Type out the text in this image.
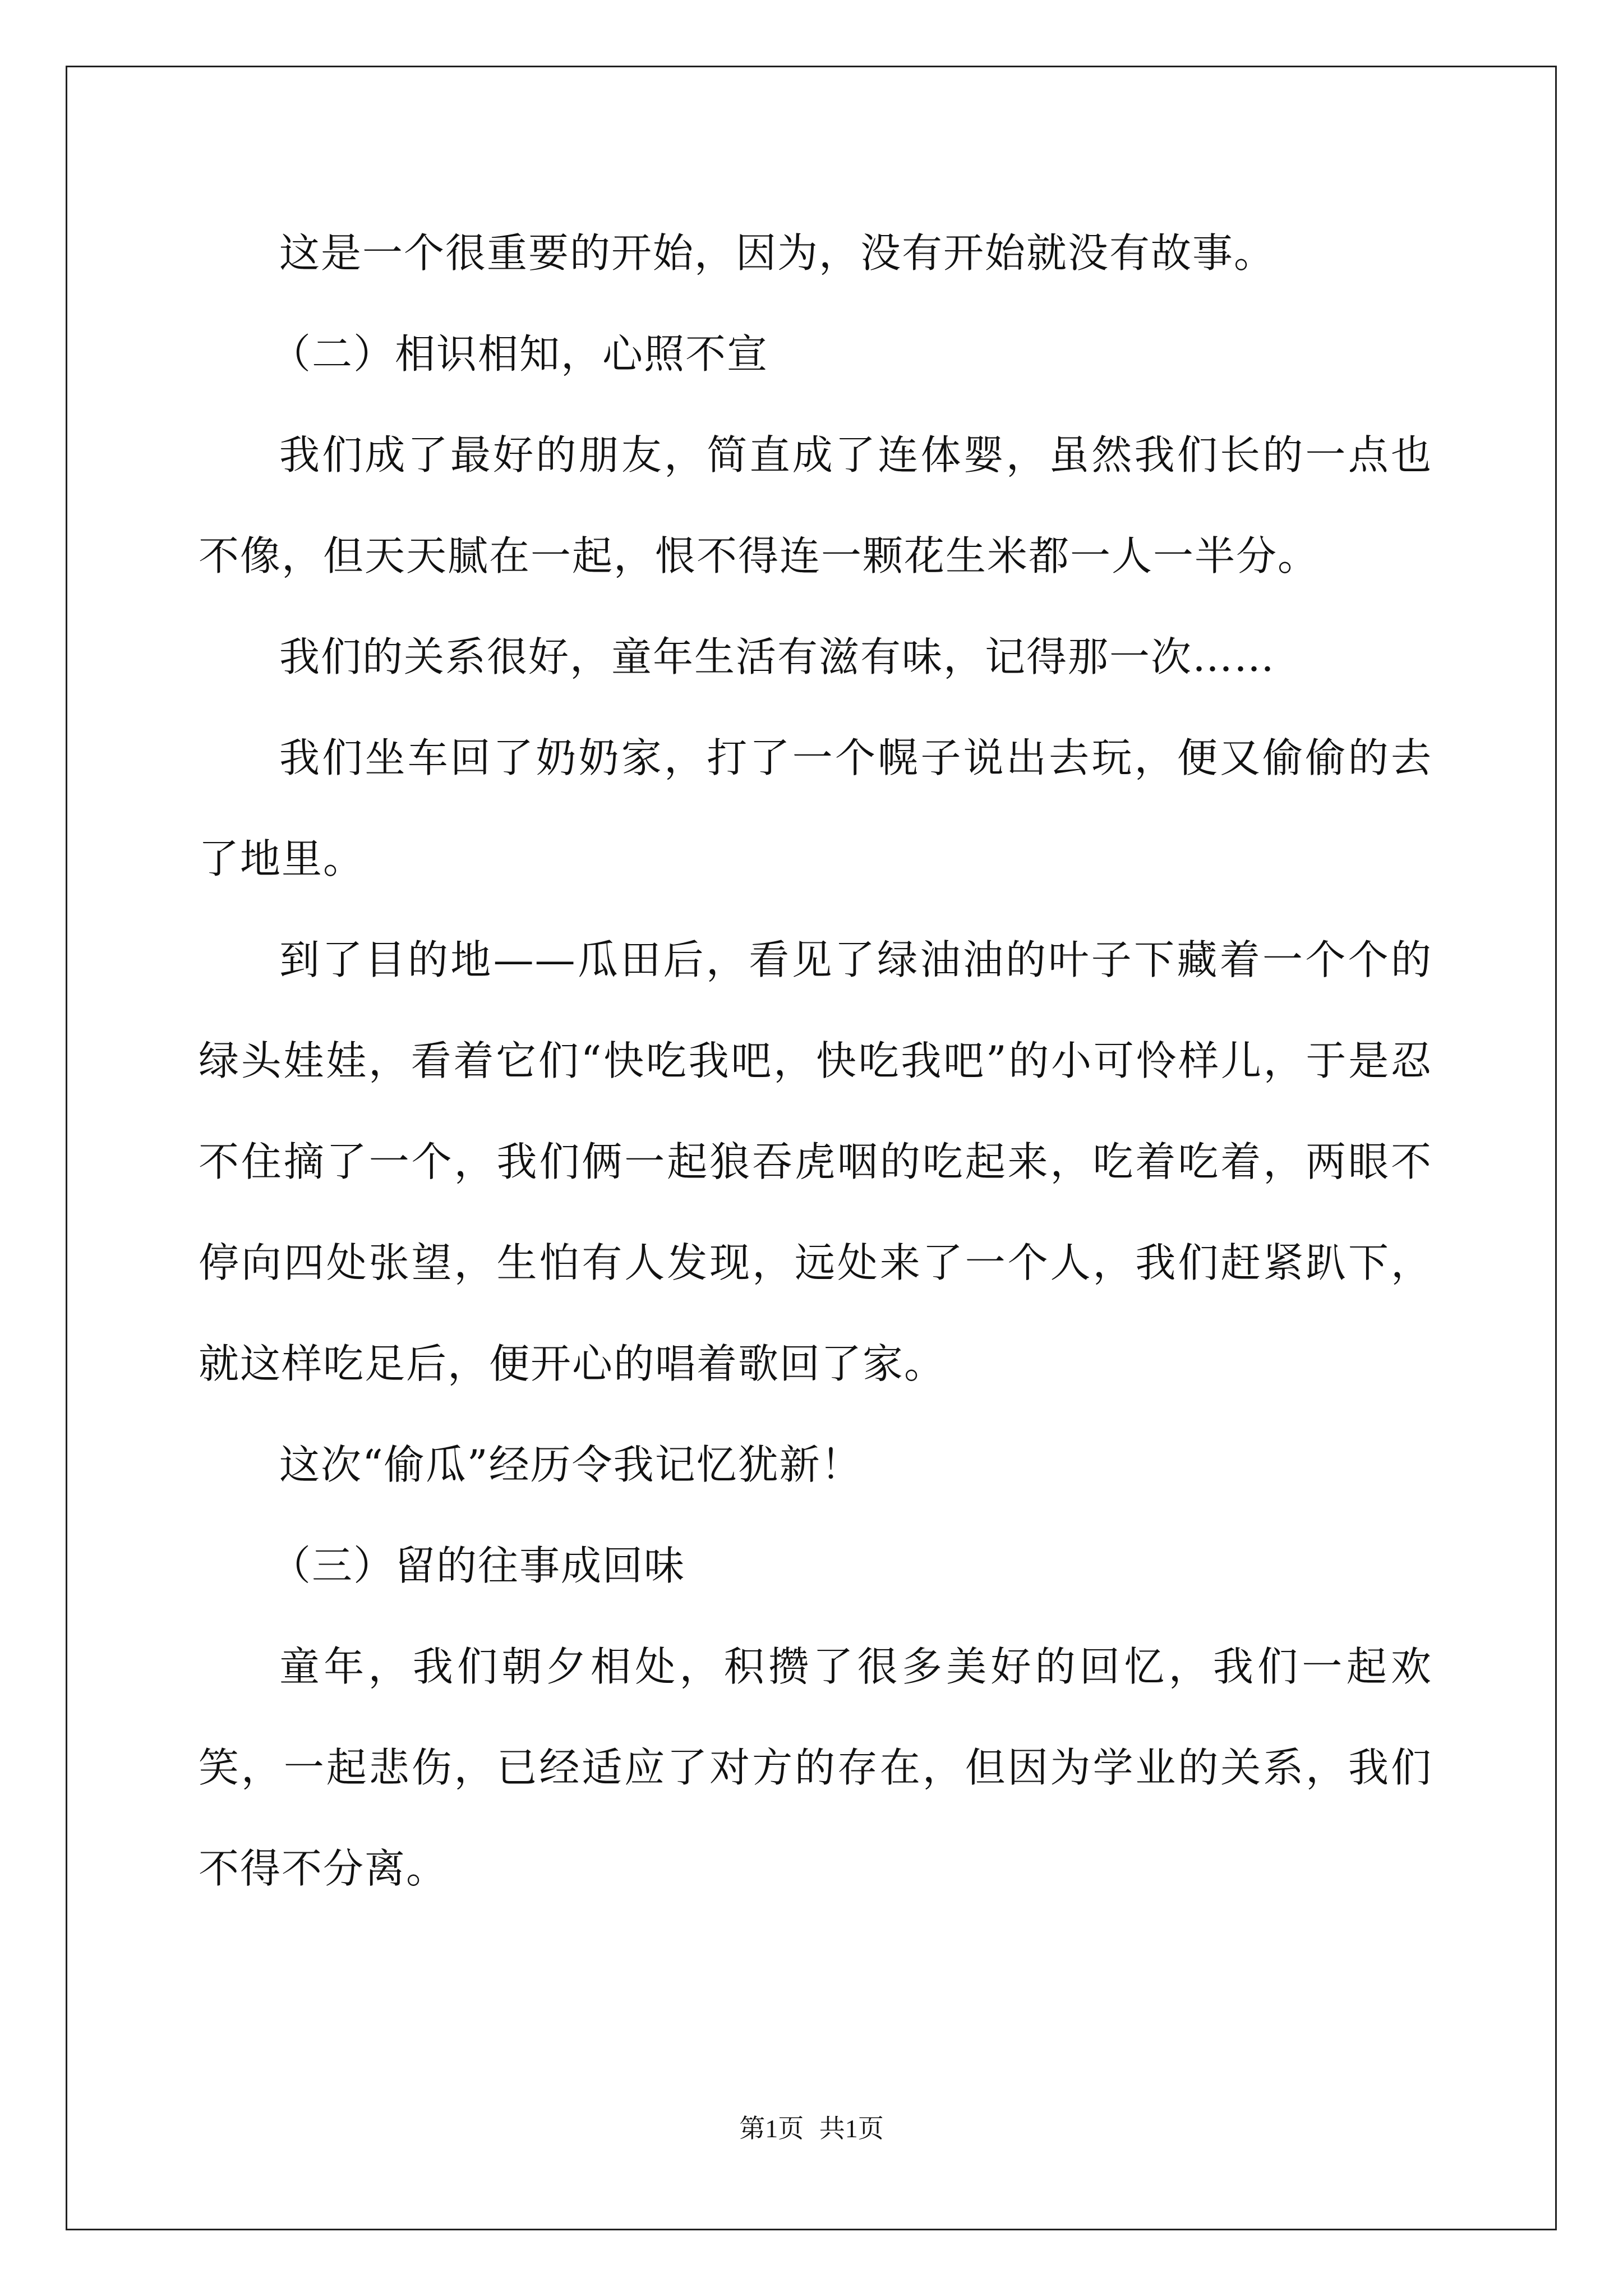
这是一个很重要的开始，因为，没有开始就没有故事。

（二）相识相知，心照不宣

我们成了最好的朋友，简直成了连体婴，虽然我们长的一点也不像，但天天腻在一起，恨不得连一颗花生米都一人一半分。

我们的关系很好，童年生活有滋有味，记得那一次……

我们坐车回了奶奶家，打了一个幌子说出去玩，便又偷偷的去了地里。

到了目的地——瓜田后，看见了绿油油的叶子下藏着一个个的绿头娃娃，看着它们“快吃我吧，快吃我吧”的小可怜样儿，于是忍不住摘了一个，我们俩一起狼吞虎咽的吃起来，吃着吃着，两眼不停向四处张望，生怕有人发现，远处来了一个人，我们赶紧趴下，就这样吃足后，便开心的唱着歌回了家。

这次“偷瓜”经历令我记忆犹新！

（三）留的往事成回味

童年，我们朝夕相处，积攒了很多美好的回忆，我们一起欢笑，一起悲伤，已经适应了对方的存在，但因为学业的关系，我们不得不分离。

第1页 共1页
